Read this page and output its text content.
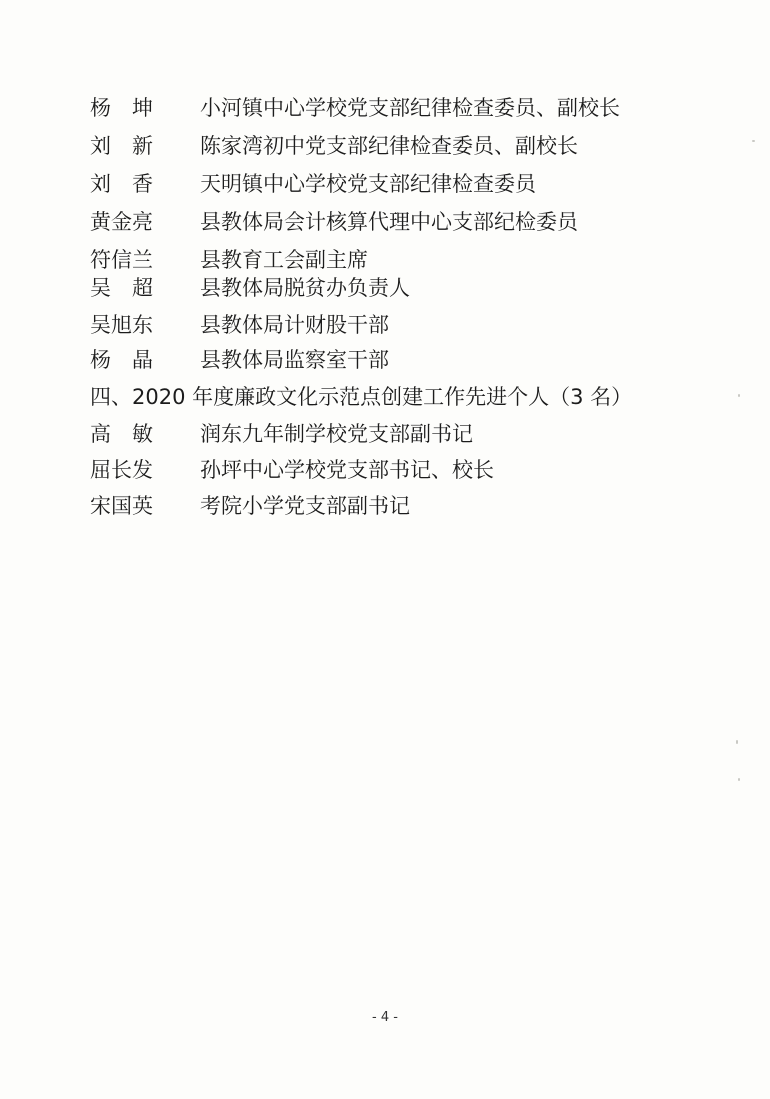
杨　坤 小河镇中心学校党支部纪律检查委员、副校长
刘　新 陈家湾初中党支部纪律检查委员、副校长
刘　香 天明镇中心学校党支部纪律检查委员
黄金亮 县教体局会计核算代理中心支部纪检委员
符信兰 县教育工会副主席
吴　超 县教体局脱贫办负责人
吴旭东 县教体局计财股干部
杨　晶 县教体局监察室干部
四、2020 年度廉政文化示范点创建工作先进个人（3 名）
高　敏 润东九年制学校党支部副书记
屈长发 孙坪中心学校党支部书记、校长
宋国英 考院小学党支部副书记
- 4 -
